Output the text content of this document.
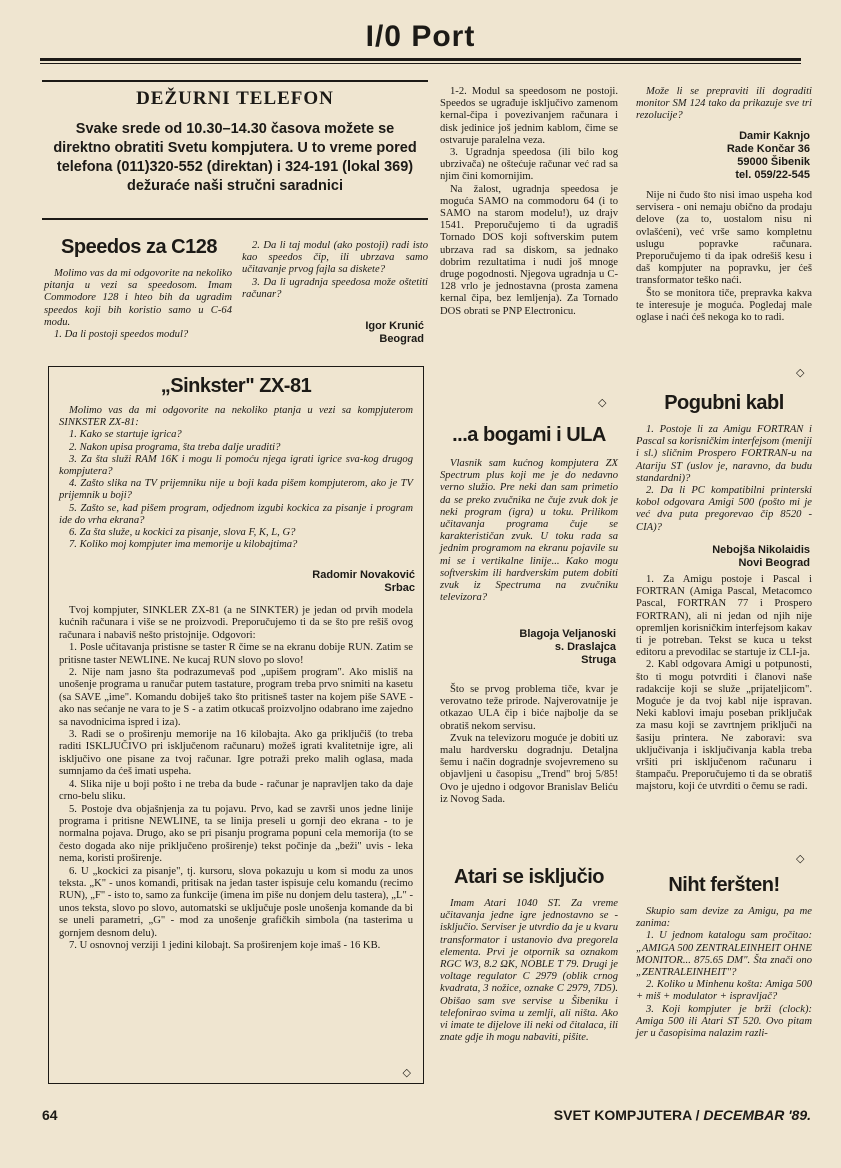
I/0 Port
DEŽURNI TELEFON
Svake srede od 10.30–14.30 časova možete se direktno obratiti Svetu kompjutera. U to vreme pored telefona (011)320-552 (direktan) i 324-191 (lokal 369) dežuraće naši stručni saradnici
Speedos za C128

Molimo vas da mi odgovorite na nekoliko pitanja u vezi sa speedosom. Imam Commodore 128 i hteo bih da ugradim speedos koji bih koristio samo u C-64 modu.

1. Da li postoji speedos modul?

2. Da li taj modul (ako postoji) radi isto kao speedos čip, ili ubrzava samo učitavanje prvog fajla sa diskete?

3. Da li ugradnja speedosa može oštetiti računar?

Igor Krunić
Beograd
„Sinkster" ZX-81

Molimo vas da mi odgovorite na nekoliko ptanja u vezi sa kompjuterom SINKSTER ZX-81:

1. Kako se startuje igrica?

2. Nakon upisa programa, šta treba dalje uraditi?

3. Za šta služi RAM 16K i mogu li pomoću njega igrati igrice sva-kog drugog kompjutera?

4. Zašto slika na TV prijemniku nije u boji kada pišem kompjuterom, ako je TV prijemnik u boji?

5. Zašto se, kad pišem program, odjednom izgubi kockica za pisanje i program ide do vrha ekrana?

6. Za šta služe, u kockici za pisanje, slova F, K, L, G?

7. Koliko moj kompjuter ima memorije u kilobajtima?

Radomir Novaković
Srbac

Tvoj kompjuter, SINKLER ZX-81 (a ne SINKTER) je jedan od prvih modela kućnih računara i više se ne proizvodi. Preporučujemo ti da se što pre rešiš ovog računara i nabaviš nešto pristojnije. Odgovori:

1. Posle učitavanja pristisne se taster R čime se na ekranu dobije RUN. Zatim se pritisne taster NEWLINE. Ne kucaj RUN slovo po slovo!

2. Nije nam jasno šta podrazumevaš pod „upišem program". Ako misliš na unošenje programa u ranučar putem tastature, program treba prvo snimiti na kasetu (sa SAVE „ime". Komandu dobiješ tako što pritisneš taster na kojem piše SAVE - ako nas sećanje ne vara to je S - a zatim otkucaš proizvoljno odabrano ime zajedno sa navodnicima ispred i iza).

3. Radi se o proširenju memorije na 16 kilobajta. Ako ga priključiš (to treba raditi ISKLJUČIVO pri isključenom računaru) možeš igrati kvalitetnije igre, ali isključivo one pisane za tvoj računar. Igre potraži preko malih oglasa, mada sumnjamo da ćeš imati uspeha.

4. Slika nije u boji pošto i ne treba da bude - računar je napravljen tako da daje crno-belu sliku.

5. Postoje dva objašnjenja za tu pojavu. Prvo, kad se završi unos jedne linije programa i pritisne NEWLINE, ta se linija preseli u gornji deo ekrana - to je normalna pojava. Drugo, ako se pri pisanju programa popuni cela memorija (to se često dogada ako nije priključeno proširenje) tekst počinje da „beži" uvis - leka nema, koristi proširenje.

6. U „kockici za pisanje", tj. kursoru, slova pokazuju u kom si modu za unos teksta. „K" - unos komandi, pritisak na jedan taster ispisuje celu komandu (recimo RUN), „F" - isto to, samo za funkcije (imena im piše nu donjem delu tastera), „L" - unos teksta, slovo po slovo, automatski se uključuje posle unošenja komande da bi se uneli parametri, „G" - mod za unošenje grafičkih simbola (na tasterima u gornjem desnom delu).

7. U osnovnoj verziji 1 jedini kilobajt. Sa proširenjem koje imaš - 16 KB.

◇

1-2. Modul sa speedosom ne postoji. Speedos se ugrađuje isključivo zamenom kernal-čipa i povezivanjem računara i disk jedinice još jednim kablom, čime se ostvaruje paralelna veza.

3. Ugradnja speedosa (ili bilo kog ubrzivača) ne oštećuje računar već rad sa njim čini komornijim.

Na žalost, ugradnja speedosa je moguća SAMO na commodoru 64 (i to SAMO na starom modelu!), uz drajv 1541. Preporučujemo ti da ugradiš Tornado DOS koji softverskim putem ubrzava rad sa diskom, sa jednako dobrim rezultatima i nudi još mnoge druge pogodnosti. Njegova ugradnja u C-128 vrlo je jednostavna (prosta zamena kernal čipa, bez lemljenja). Za Tornado DOS obrati se PNP Electronicu.

◇
...a bogami i ULA

Vlasnik sam kućnog kompjutera ZX Spectrum plus koji me je do nedavno verno služio. Pre neki dan sam primetio da se preko zvučnika ne čuje zvuk dok je neki program (igra) u toku. Prilikom učitavanja programa čuje se karakterističan zvuk. U toku rada sa jednim programom na ekranu pojavile su mi se i vertikalne linije... Kako mogu softverskim ili hardverskim putem dobiti zvuk iz Spectruma na zvučniku televizora?

Blagoja Veljanoski
s. Draslajca
Struga

Što se prvog problema tiče, kvar je verovatno teže prirode. Najverovatnije je otkazao ULA čip i biće najbolje da se obratiš nekom servisu.

Zvuk na televizoru moguće je dobiti uz malu hardversku dogradnju. Detaljna šemu i način dogradnje svojevremeno su objavljeni u časopisu „Trend" broj 5/85! Ovo je ujedno i odgovor Branislav Beliću iz Novog Sada.

Atari se isključio

Imam Atari 1040 ST. Za vreme učitavanja jedne igre jednostavno se - isključio. Serviser je utvrdio da je u kvaru transformator i ustanovio dva pregorela elementa. Prvi je otpornik sa oznakom RGC W3, 8.2 ΩK, NOBLE T 79. Drugi je voltage regulator C 2979 (oblik crnog kvadrata, 3 nožice, oznake C 2979, 7D5). Obišao sam sve servise u Šibeniku i telefonirao svima u zemlji, ali ništa. Ako vi imate te dijelove ili neki od čitalaca, ili znate gdje ih mogu nabaviti, pišite.

Može li se prepraviti ili dograditi monitor SM 124 tako da prikazuje sve tri rezolucije?

Damir Kaknjo
Rade Končar 36
59000 Šibenik
tel. 059/22-545

Nije ni čudo što nisi imao uspeha kod servisera - oni nemaju obično da prodaju delove (za to, uostalom nisu ni ovlašćeni), već vrše samo kompletnu uslugu popravke računara. Preporučujemo ti da ipak odrešiš kesu i daš kompjuter na popravku, jer ćeš transformator teško naći.

Što se monitora tiče, prepravka kakva te interesuje je moguća. Pogledaj male oglase i naći ćeš nekoga ko to radi.

◇
Pogubni kabl

1. Postoje li za Amigu FORTRAN i Pascal sa korisničkim interfejsom (meniji i sl.) sličnim Prospero FORTRAN-u na Atariju ST (uslov je, naravno, da budu standardni)?

2. Da li PC kompatibilni printerski kobol odgovara Amigi 500 (pošto mi je već dva puta pregorevao čip 8520 - CIA)?

Nebojša Nikolaidis
Novi Beograd

1. Za Amigu postoje i Pascal i FORTRAN (Amiga Pascal, Metacomco Pascal, FORTRAN 77 i Prospero FORTRAN), ali ni jedan od njih nije opremljen korisničkim interfejsom kakav ti je potreban. Tekst se kuca u tekst editoru a prevodilac se startuje iz CLI-ja.

2. Kabl odgovara Amigi u potpunosti, što ti mogu potvrditi i članovi naše radakcije koji se služe „prijateljicom". Moguće je da tvoj kabl nije ispravan. Neki kablovi imaju poseban priključak za masu koji se zavrtnjem priključi na šasiju printera. Ne zaboravi: sva uključivanja i isključivanja kabla treba vršiti pri isključenom računaru i štampaču. Preporučujemo ti da se obratiš majstoru, koji će utvrditi o čemu se radi.

◇
Niht feršten!

Skupio sam devize za Amigu, pa me zanima:

1. U jednom katalogu sam pročitao: „AMIGA 500 ZENTRALEINHEIT OHNE MONITOR... 875.65 DM". Šta znači ono „ZENTRALEINHEIT"?

2. Koliko u Minhenu košta: Amiga 500 + miš + modulator + ispravljač?

3. Koji kompjuter je brži (clock): Amiga 500 ili Atari ST 520. Ovo pitam jer u časopisima nalazim razli-

64	SVET KOMPJUTERA / DECEMBAR '89.
